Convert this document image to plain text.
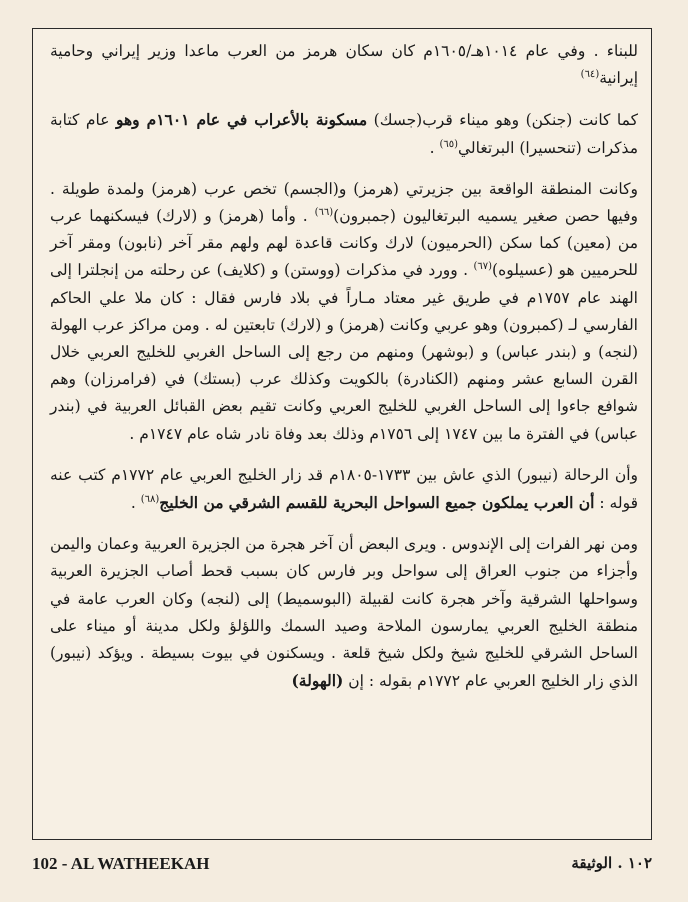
للبناء . وفي عام ١٠١٤هـ/١٦٠٥م كان سكان هرمز من العرب ماعدا وزير إيراني وحامية إيرانية$^{(٦٤)}$

كما كانت (جنكن) وهو ميناء قرب(جسك) مسكونة بالأعراب في عام ١٦٠١م وهو عام كتابة مذكرات (تنحسيرا) البرتغالي$^{(٦٥)}$ .

وكانت المنطقة الواقعة بين جزيرتي (هرمز) و(الجسم) تخص عرب (هرمز) ولمدة طويلة . وفيها حصن صغير يسميه البرتغاليون (جمبرون)$^{(٦٦)}$ . وأما (هرمز) و (لارك) فيسكنهما عرب من (معين) كما سكن (الحرميون) لارك وكانت قاعدة لهم ولهم مقر آخر (نابون) ومقر آخر للحرميين هو (عسيلوه)$^{(٦٧)}$ . وورد في مذكرات (ووستن) و (كلايف) عن رحلته من إنجلترا إلى الهند عام ١٧٥٧م في طريق غير معتاد مـاراً في بلاد فارس فقال : كان ملا علي الحاكم الفارسي لـ (كمبرون) وهو عربي وكانت (هرمز) و (لارك) تابعتين له . ومن مراكز عرب الهولة (لنجه) و (بندر عباس) و (بوشهر) ومنهم من رجع إلى الساحل الغربي للخليج العربي خلال القرن السابع عشر ومنهم (الكنادرة) بالكويت وكذلك عرب (بستك) في (فرامرزان) وهم شوافع جاءوا إلى الساحل الغربي للخليج العربي وكانت تقيم بعض القبائل العربية في (بندر عباس) في الفترة ما بين ١٧٤٧ إلى ١٧٥٦م وذلك بعد وفاة نادر شاه عام ١٧٤٧م .

وأن الرحالة (نيبور) الذي عاش بين ١٧٣٣-١٨٠٥م قد زار الخليج العربي عام ١٧٧٢م كتب عنه قوله : أن العرب يملكون جميع السواحل البحرية للقسم الشرقي من الخليج$^{(٦٨)}$ .

ومن نهر الفرات إلى الإندوس . ويرى البعض أن آخر هجرة من الجزيرة العربية وعمان واليمن وأجزاء من جنوب العراق إلى سواحل وبر فارس كان بسبب قحط أصاب الجزيرة العربية وسواحلها الشرقية وآخر هجرة كانت لقبيلة (البوسميط) إلى (لنجه) وكان العرب عامة في منطقة الخليج العربي يمارسون الملاحة وصيد السمك واللؤلؤ ولكل مدينة أو ميناء على الساحل الشرقي للخليج شيخ ولكل شيخ قلعة . ويسكنون في بيوت بسيطة . ويؤكد (نيبور) الذي زار الخليج العربي عام ١٧٧٢م بقوله : إن (الهولة)

102 - AL WATHEEKAH	١٠٢ . الوثيقة
